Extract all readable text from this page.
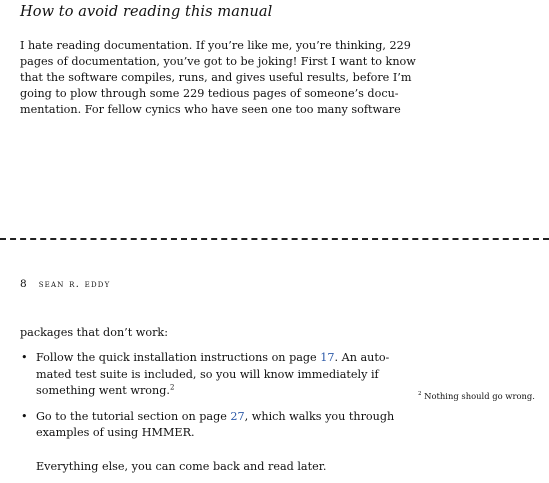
How to avoid reading this manual
I hate reading documentation. If you’re like me, you’re thinking, 229
pages of documentation, you’ve got to be joking! First I want to know
that the software compiles, runs, and gives useful results, before I’m
going to plow through some 229 tedious pages of someone’s docu-
mentation. For fellow cynics who have seen one too many software
8 sean r. eddy
packages that don’t work:
• Follow the quick installation instructions on page 17. An auto-
mated test suite is included, so you will know immediately if
something went wrong.$^2$
• Go to the tutorial section on page 27, which walks you through
examples of using HMMER.
Everything else, you can come back and read later.
$^2$ Nothing should go wrong.
